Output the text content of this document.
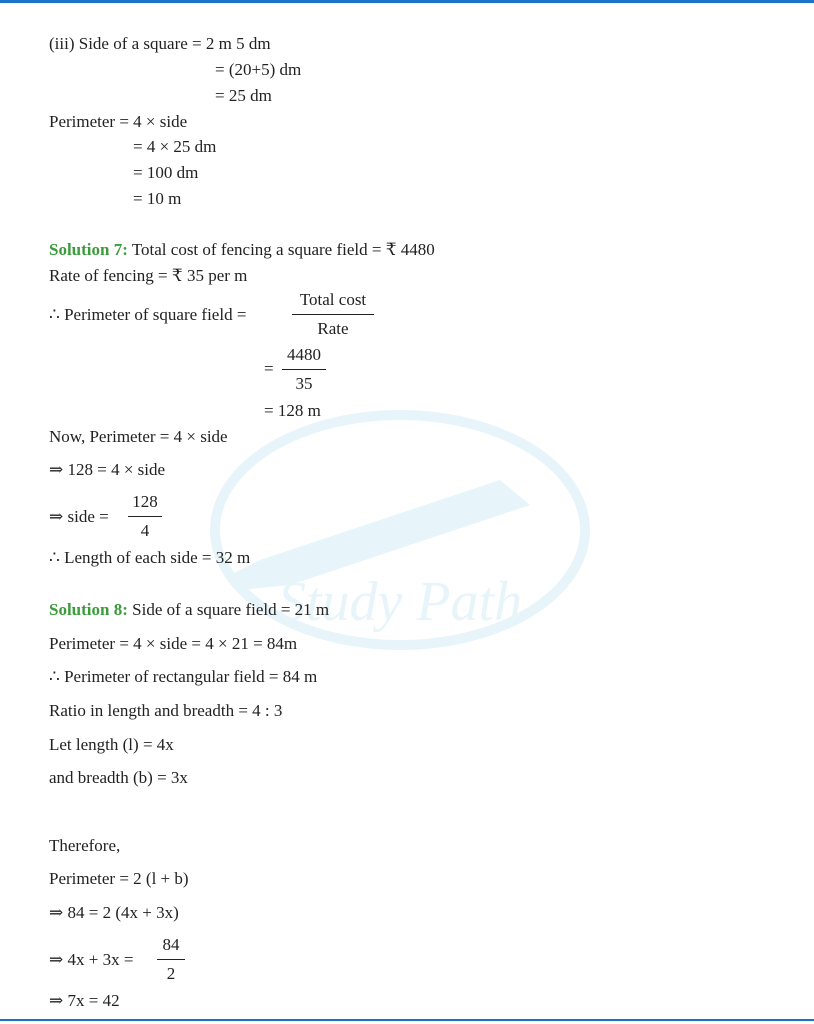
Study Path
(iii) Side of a square = 2 m 5 dm
= (20+5) dm
= 25 dm
Perimeter = 4 × side
= 4 × 25 dm
= 100 dm
= 10 m
Solution 7: Total cost of fencing a square field = ₹ 4480
Rate of fencing = ₹ 35 per m
∴ Perimeter of square field =
Total cost
Rate
=
4480
35
= 128 m
Now, Perimeter = 4 × side
⇒ 128 = 4 × side
⇒ side =
128
4
∴ Length of each side = 32 m
Solution 8: Side of a square field = 21 m
Perimeter = 4 × side = 4 × 21 = 84m
∴ Perimeter of rectangular field = 84 m
Ratio in length and breadth = 4 : 3
Let length (l) = 4x
and breadth (b) = 3x
Therefore,
Perimeter = 2 (l + b)
⇒ 84 = 2 (4x + 3x)
⇒ 4x + 3x =
84
2
⇒ 7x = 42
